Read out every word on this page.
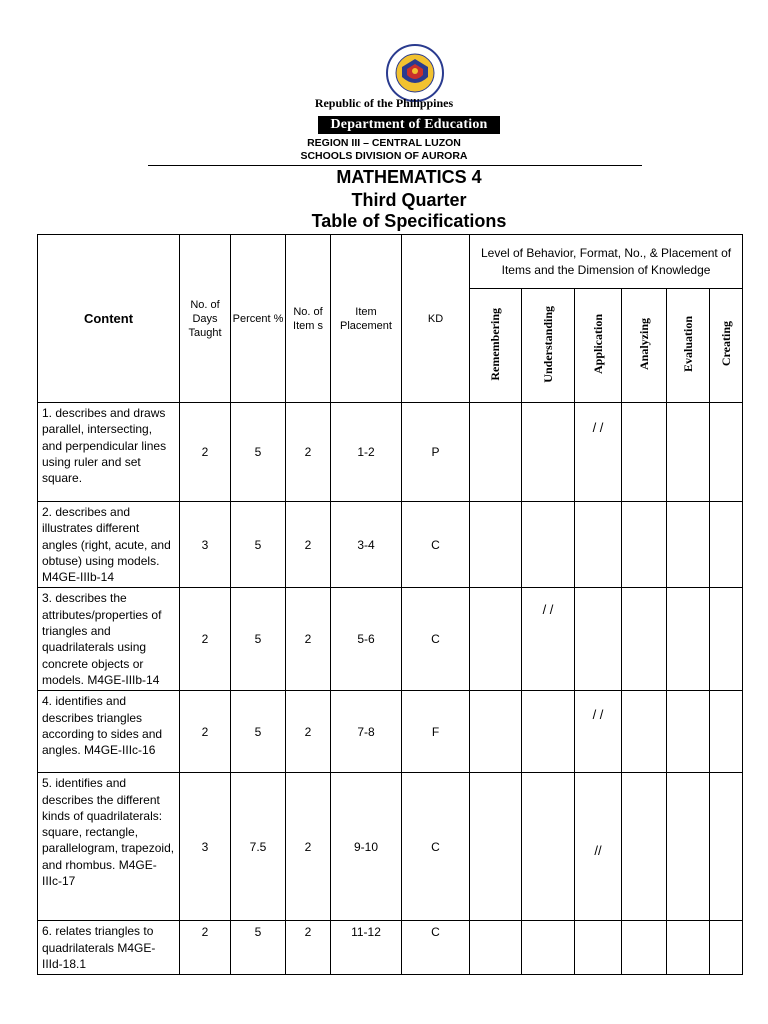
Republic of the Philippines
Department of Education
REGION III – CENTRAL LUZON
SCHOOLS DIVISION OF AURORA
MATHEMATICS 4
Third Quarter
Table of Specifications
Content	No. of Days Taught	Percent %	No. of Item s	Item Placement	KD	Level of Behavior, Format, No., & Placement of Items and the Dimension of Knowledge					
						Remembering	Understanding	Application	Analyzing	Evaluation	Creating
1. describes and draws parallel, intersecting, and perpendicular lines using ruler and set square.	2	5	2	1-2	P			/ /			
2. describes and illustrates different angles (right, acute, and obtuse) using models. M4GE-IIIb-14	3	5	2	3-4	C						
3. describes the attributes/properties of triangles and quadrilaterals using concrete objects or models. M4GE-IIIb-14	2	5	2	5-6	C		/ /				
4. identifies and describes triangles according to sides and angles. M4GE-IIIc-16	2	5	2	7-8	F			/ /			
5. identifies and describes the different kinds of quadrilaterals: square, rectangle, parallelogram, trapezoid, and rhombus. M4GE-IIIc-17	3	7.5	2	9-10	C			//			
6. relates triangles to quadrilaterals M4GE-IIId-18.1	2	5	2	11-12	C						
